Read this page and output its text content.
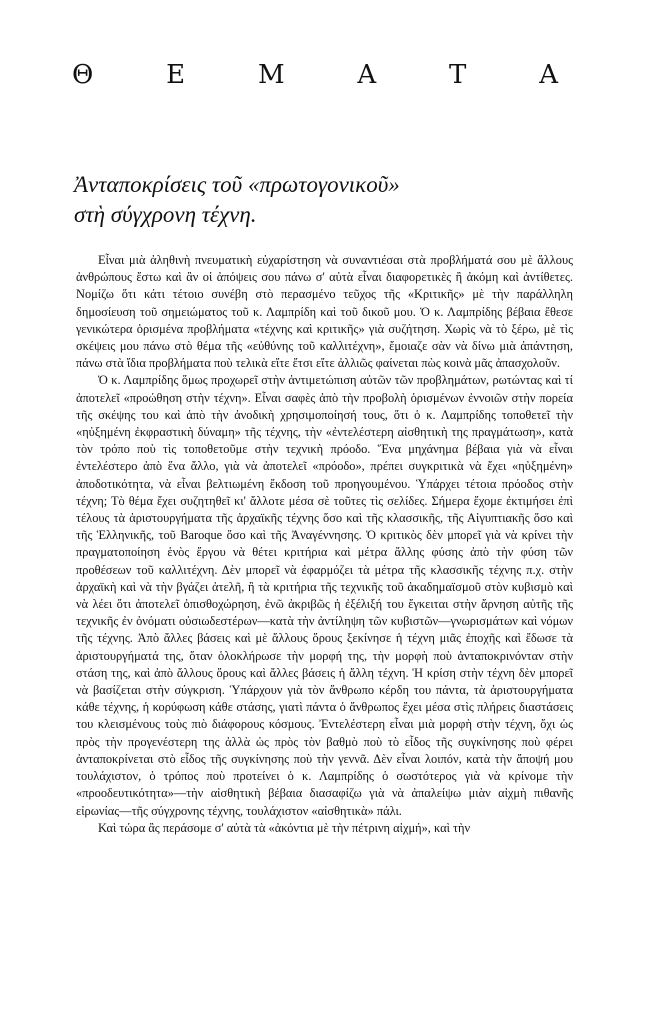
Θ	Ε	Μ	Α	Τ	Α
Ἀνταποκρίσεις τοῦ «πρωτογονικοῦ»
στὴ σύγχρονη τέχνη.

Εἶναι μιὰ ἀληθινὴ πνευματικὴ εὐχαρίστηση νὰ συναντιέσαι στὰ προβλήματά σου μὲ ἄλλους ἀνθρώπους ἔστω καὶ ἂν οἱ ἀπόψεις σου πάνω σ' αὐτὰ εἶναι διαφορετικὲς ἢ ἀκόμη καὶ ἀντίθετες. Νομίζω ὅτι κάτι τέτοιο συνέβη στὸ περασμένο τεῦχος τῆς «Κριτικῆς» μὲ τὴν παράλληλη δημοσίευση τοῦ σημειώματος τοῦ κ. Λαμπρίδη καὶ τοῦ δικοῦ μου. Ὁ κ. Λαμπρίδης βέβαια ἔθεσε γενικώτερα ὁρισμένα προβλήματα «τέχνης καὶ κριτικῆς» γιὰ συζήτηση. Χωρὶς νὰ τὸ ξέρω, μὲ τὶς σκέψεις μου πάνω στὸ θέμα τῆς «εὐθύνης τοῦ καλλιτέχνη», ἔμοιαζε σὰν νὰ δίνω μιὰ ἀπάντηση, πάνω στὰ ἴδια προβλήματα ποὺ τελικὰ εἴτε ἔτσι εἴτε ἀλλιῶς φαίνεται πὼς κοινὰ μᾶς ἀπασχολοῦν.

Ὁ κ. Λαμπρίδης ὅμως προχωρεῖ στὴν ἀντιμετώπιση αὐτῶν τῶν προβλημάτων, ρωτώντας καὶ τί ἀποτελεῖ «προώθηση στὴν τέχνη». Εἶναι σαφὲς ἀπὸ τὴν προβολὴ ὁρισμένων ἐννοιῶν στὴν πορεία τῆς σκέψης του καὶ ἀπὸ τὴν ἀνοδικὴ χρησιμοποίησή τους, ὅτι ὁ κ. Λαμπρίδης τοποθετεῖ τὴν «ηὐξημένη ἐκφραστικὴ δύναμη» τῆς τέχνης, τὴν «ἐντελέστερη αἰσθητικὴ της πραγμάτωση», κατὰ τὸν τρόπο ποὺ τὶς τοποθετοῦμε στὴν τεχνικὴ πρόοδο. Ἕνα μηχάνημα βέβαια γιὰ νὰ εἶναι ἐντελέστερο ἀπὸ ἕνα ἄλλο, γιὰ νὰ ἀποτελεῖ «πρόοδο», πρέπει συγκριτικὰ νὰ ἔχει «ηὐξημένη» ἀποδοτικότητα, νὰ εἶναι βελτιωμένη ἔκδοση τοῦ προηγουμένου. Ὑπάρχει τέτοια πρόοδος στὴν τέχνη; Τὸ θέμα ἔχει συζητηθεῖ κι' ἄλλοτε μέσα σὲ τοῦτες τὶς σελίδες. Σήμερα ἔχομε ἐκτιμήσει ἐπὶ τέλους τὰ ἀριστουργήματα τῆς ἀρχαϊκῆς τέχνης ὅσο καὶ τῆς κλασσικῆς, τῆς Αἰγυπτιακῆς ὅσο καὶ τῆς Ἑλληνικῆς, τοῦ Baroque ὅσο καὶ τῆς Ἀναγέννησης. Ὁ κριτικὸς δὲν μπορεῖ γιὰ νὰ κρίνει τὴν πραγματοποίηση ἑνὸς ἔργου νὰ θέτει κριτήρια καὶ μέτρα ἄλλης φύσης ἀπὸ τὴν φύση τῶν προθέσεων τοῦ καλλιτέχνη. Δὲν μπορεῖ νὰ ἐφαρμόζει τὰ μέτρα τῆς κλασσικῆς τέχνης π.χ. στὴν ἀρχαϊκὴ καὶ νὰ τὴν βγάζει ἀτελῆ, ἢ τὰ κριτήρια τῆς τεχνικῆς τοῦ ἀκαδημαϊσμοῦ στὸν κυβισμὸ καὶ νὰ λέει ὅτι ἀποτελεῖ ὀπισθοχώρηση, ἐνῶ ἀκριβῶς ἡ ἐξέλιξή του ἔγκειται στὴν ἄρνηση αὐτῆς τῆς τεχνικῆς ἐν ὀνόματι οὐσιωδεστέρων—κατὰ τὴν ἀντίληψη τῶν κυβιστῶν—γνωρισμάτων καὶ νόμων τῆς τέχνης. Ἀπὸ ἄλλες βάσεις καὶ μὲ ἄλλους ὅρους ξεκίνησε ἡ τέχνη μιᾶς ἐποχῆς καὶ ἔδωσε τὰ ἀριστουργήματά της, ὅταν ὁλοκλήρωσε τὴν μορφή της, τὴν μορφὴ ποὺ ἀνταποκρινόνταν στὴν στάση της, καὶ ἀπὸ ἄλλους ὅρους καὶ ἄλλες βάσεις ἡ ἄλλη τέχνη. Ἡ κρίση στὴν τέχνη δὲν μπορεῖ νὰ βασίζεται στὴν σύγκριση. Ὑπάρχουν γιὰ τὸν ἄνθρωπο κέρδη του πάντα, τὰ ἀριστουργήματα κάθε τέχνης, ἡ κορύφωση κάθε στάσης, γιατὶ πάντα ὁ ἄνθρωπος ἔχει μέσα στὶς πλήρεις διαστάσεις του κλεισμένους τοὺς πιὸ διάφορους κόσμους. Ἐντελέστερη εἶναι μιὰ μορφὴ στὴν τέχνη, ὄχι ὡς πρὸς τὴν προγενέστερη της ἀλλὰ ὡς πρὸς τὸν βαθμὸ ποὺ τὸ εἶδος τῆς συγκίνησης ποὺ φέρει ἀνταποκρίνεται στὸ εἶδος τῆς συγκίνησης ποὺ τὴν γεννᾶ. Δὲν εἶναι λοιπόν, κατὰ τὴν ἄποψή μου τουλάχιστον, ὁ τρόπος ποὺ προτείνει ὁ κ. Λαμπρίδης ὁ σωστότερος γιὰ νὰ κρίνομε τὴν «προοδευτικότητα»—τὴν αἰσθητικὴ βέβαια διασαφίζω γιὰ νὰ ἀπαλείψω μιὰν αἰχμὴ πιθανῆς εἰρωνίας—τῆς σύγχρονης τέχνης, τουλάχιστον «αἰσθητικὰ» πάλι.

Καὶ τώρα ἂς περάσομε σ' αὐτὰ τὰ «ἀκόντια μὲ τὴν πέτρινη αἰχμή», καὶ τὴν
